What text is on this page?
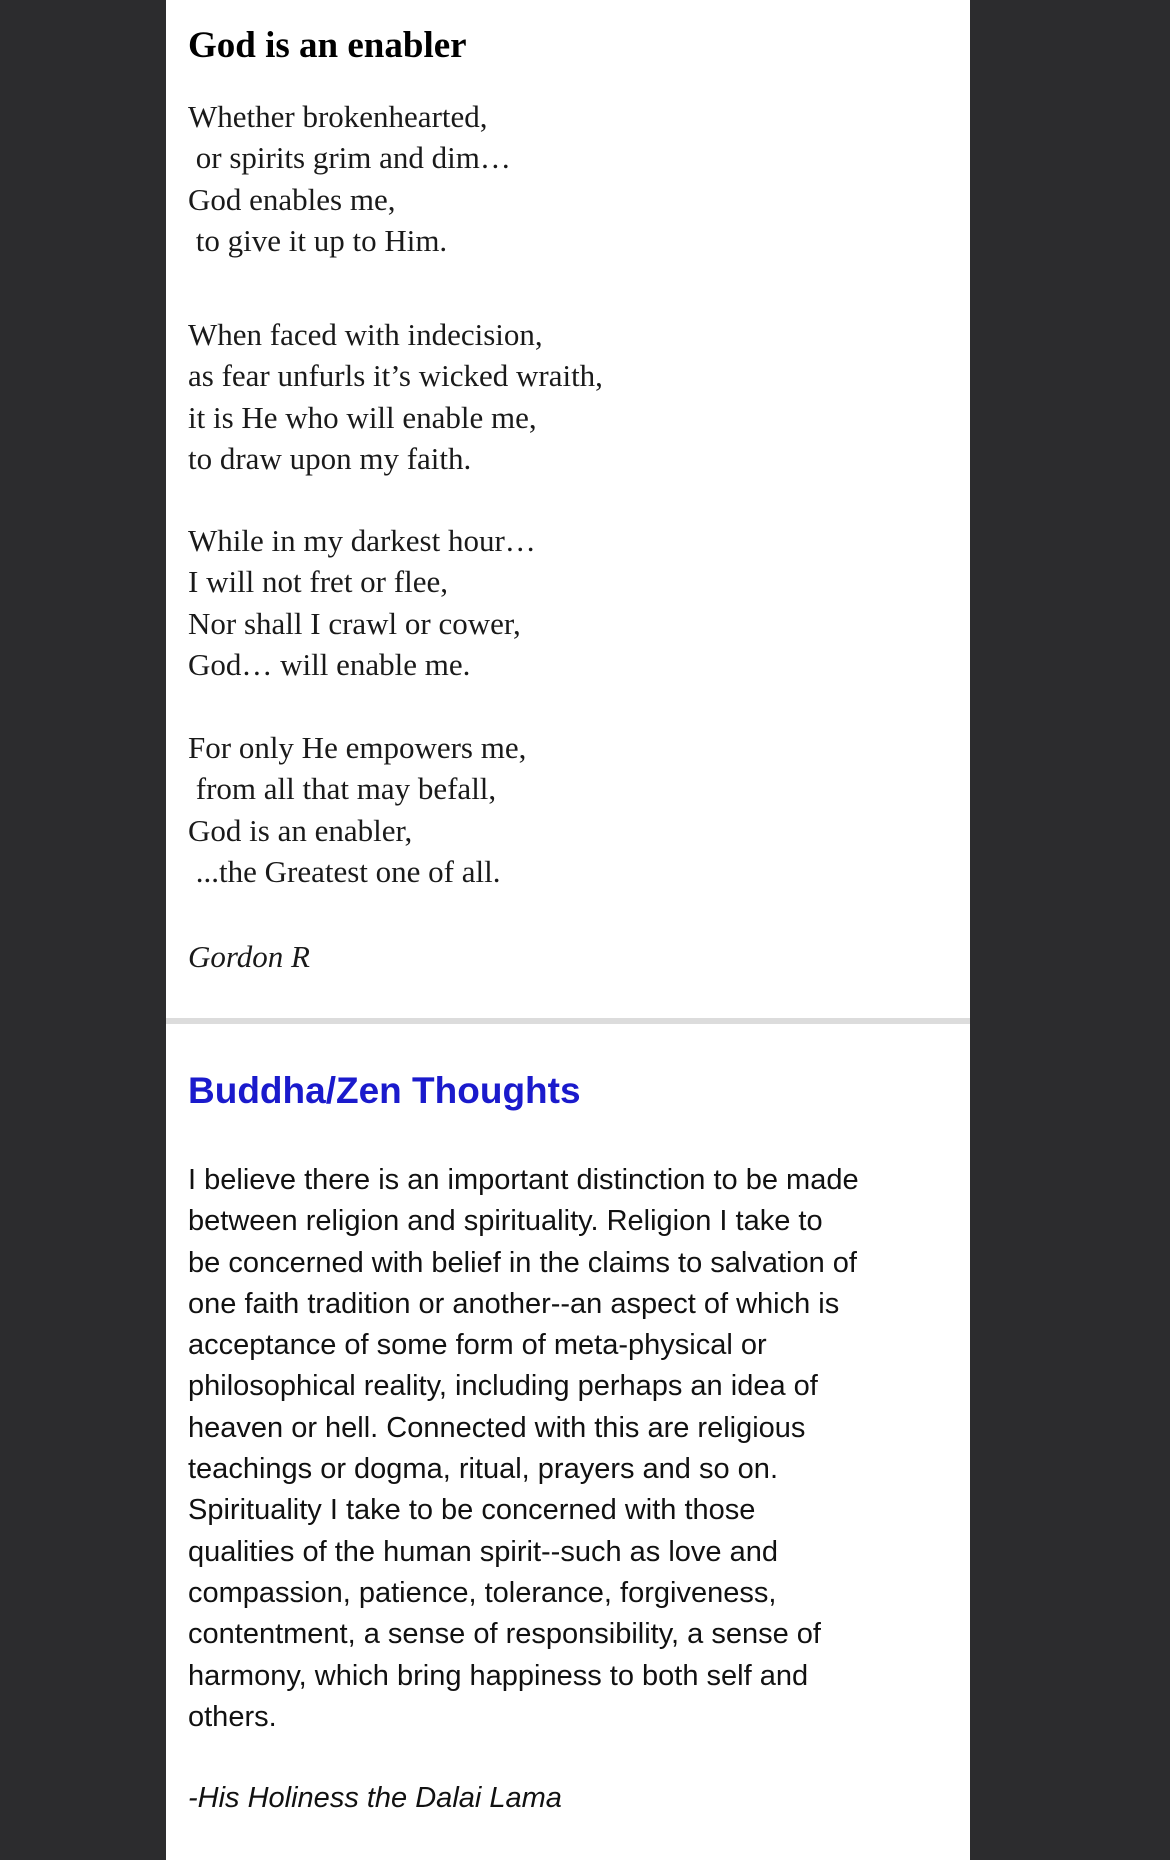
God is an enabler

Whether brokenhearted,
or spirits grim and dim…
God enables me,
to give it up to Him.

When faced with indecision,
as fear unfurls it’s wicked wraith,
it is He who will enable me,
to draw upon my faith.

While in my darkest hour…
I will not fret or flee,
Nor shall I crawl or cower,
God… will enable me.

For only He empowers me,
from all that may befall,
God is an enabler,
...the Greatest one of all.

Gordon R

Buddha/Zen Thoughts

I believe there is an important distinction to be made
between religion and spirituality. Religion I take to
be concerned with belief in the claims to salvation of
one faith tradition or another--an aspect of which is
acceptance of some form of meta-physical or
philosophical reality, including perhaps an idea of
heaven or hell. Connected with this are religious
teachings or dogma, ritual, prayers and so on.
Spirituality I take to be concerned with those
qualities of the human spirit--such as love and
compassion, patience, tolerance, forgiveness,
contentment, a sense of responsibility, a sense of
harmony, which bring happiness to both self and
others.

-His Holiness the Dalai Lama
